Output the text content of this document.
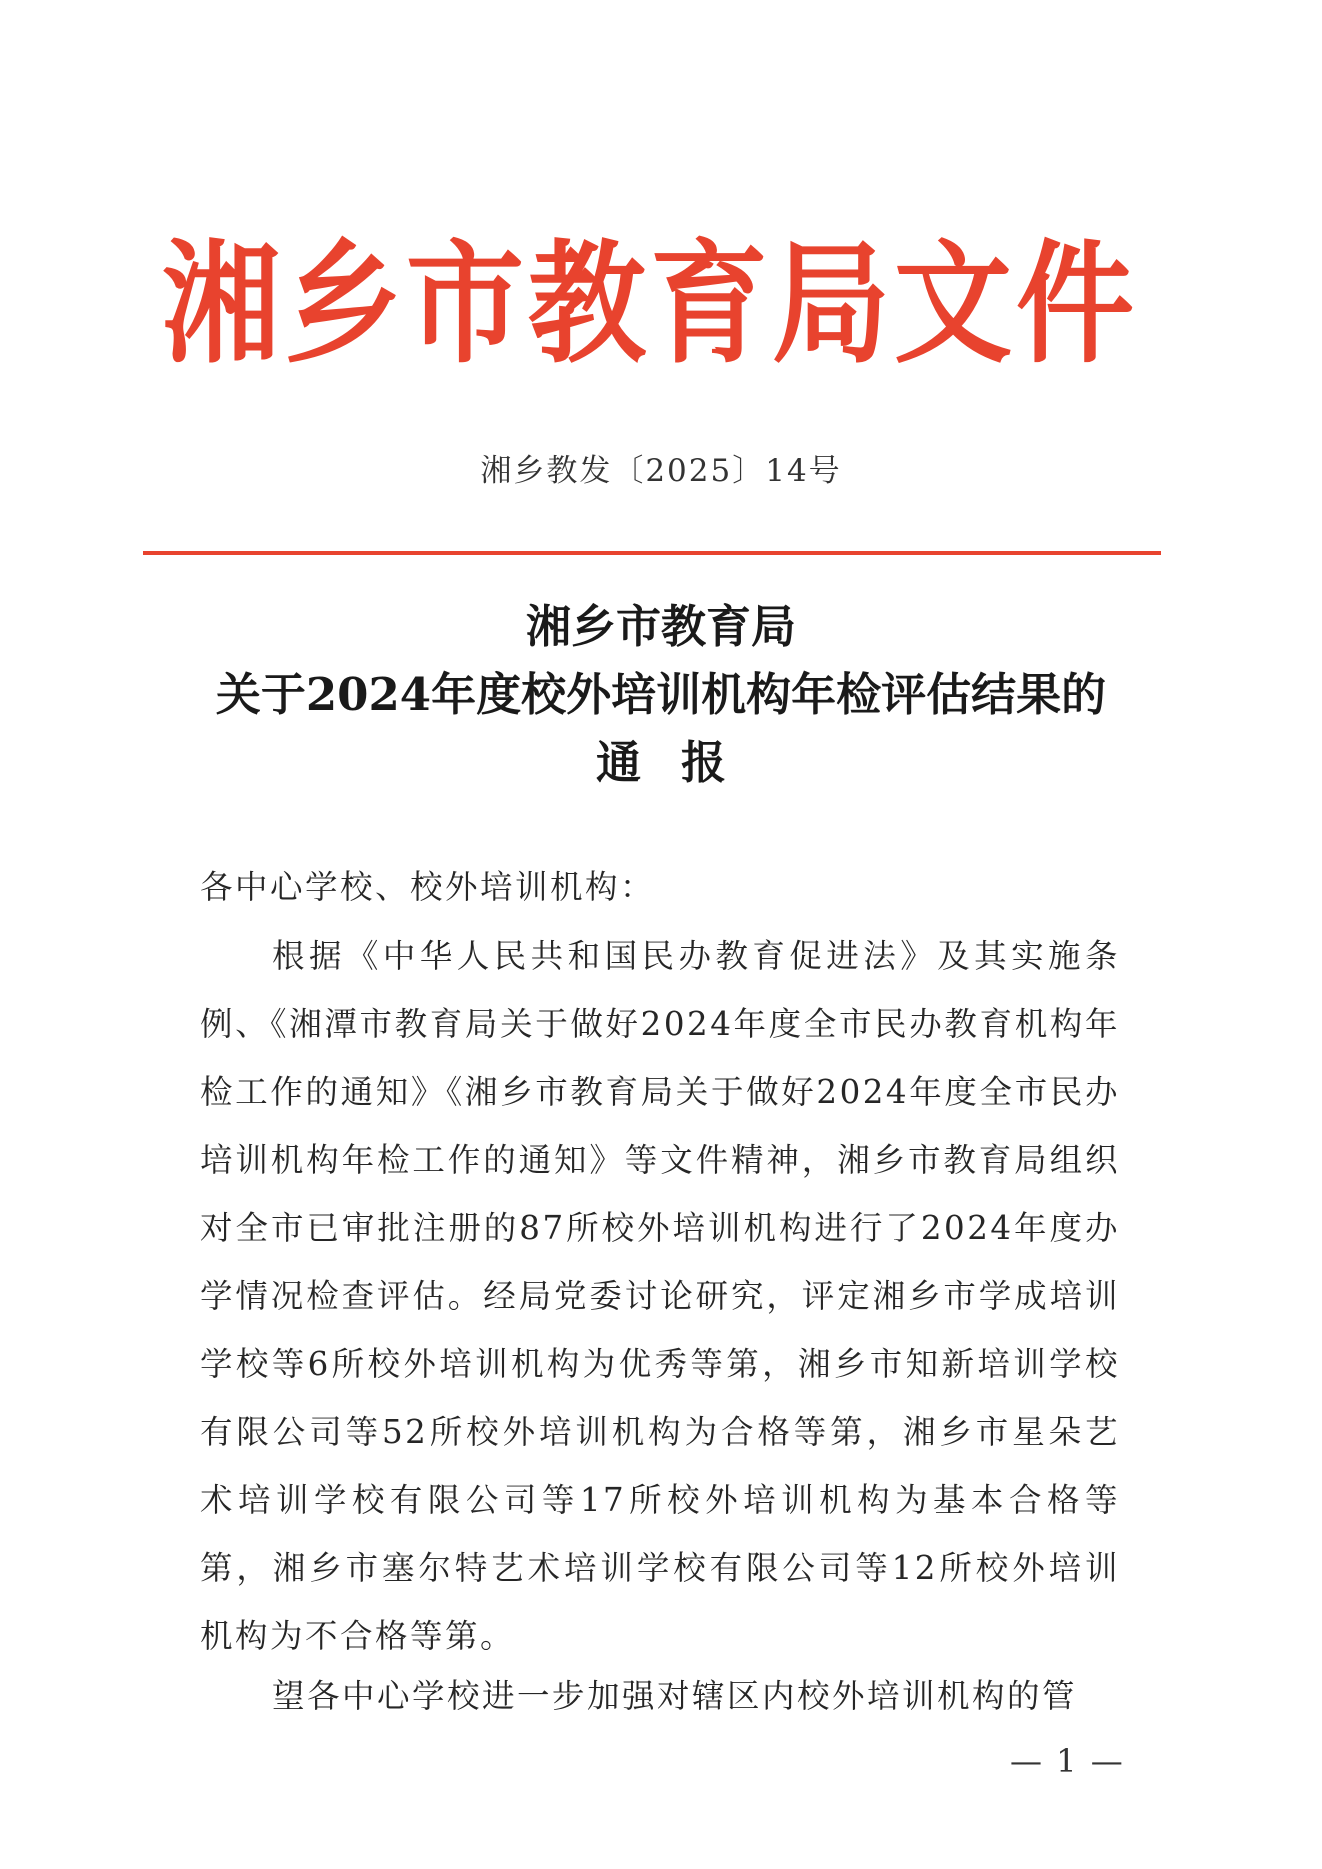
湘乡市教育局文件
湘乡教发〔2025〕14号
湘乡市教育局
关于2024年度校外培训机构年检评估结果的
通报
各中心学校、校外培训机构：
根据《中华人民共和国民办教育促进法》及其实施条例、《湘潭市教育局关于做好2024年度全市民办教育机构年检工作的通知》《湘乡市教育局关于做好2024年度全市民办培训机构年检工作的通知》等文件精神，湘乡市教育局组织对全市已审批注册的87所校外培训机构进行了2024年度办学情况检查评估。经局党委讨论研究，评定湘乡市学成培训学校等6所校外培训机构为优秀等第，湘乡市知新培训学校有限公司等52所校外培训机构为合格等第，湘乡市星朵艺术培训学校有限公司等17所校外培训机构为基本合格等第，湘乡市塞尔特艺术培训学校有限公司等12所校外培训机构为不合格等第。
望各中心学校进一步加强对辖区内校外培训机构的管
— 1 —
